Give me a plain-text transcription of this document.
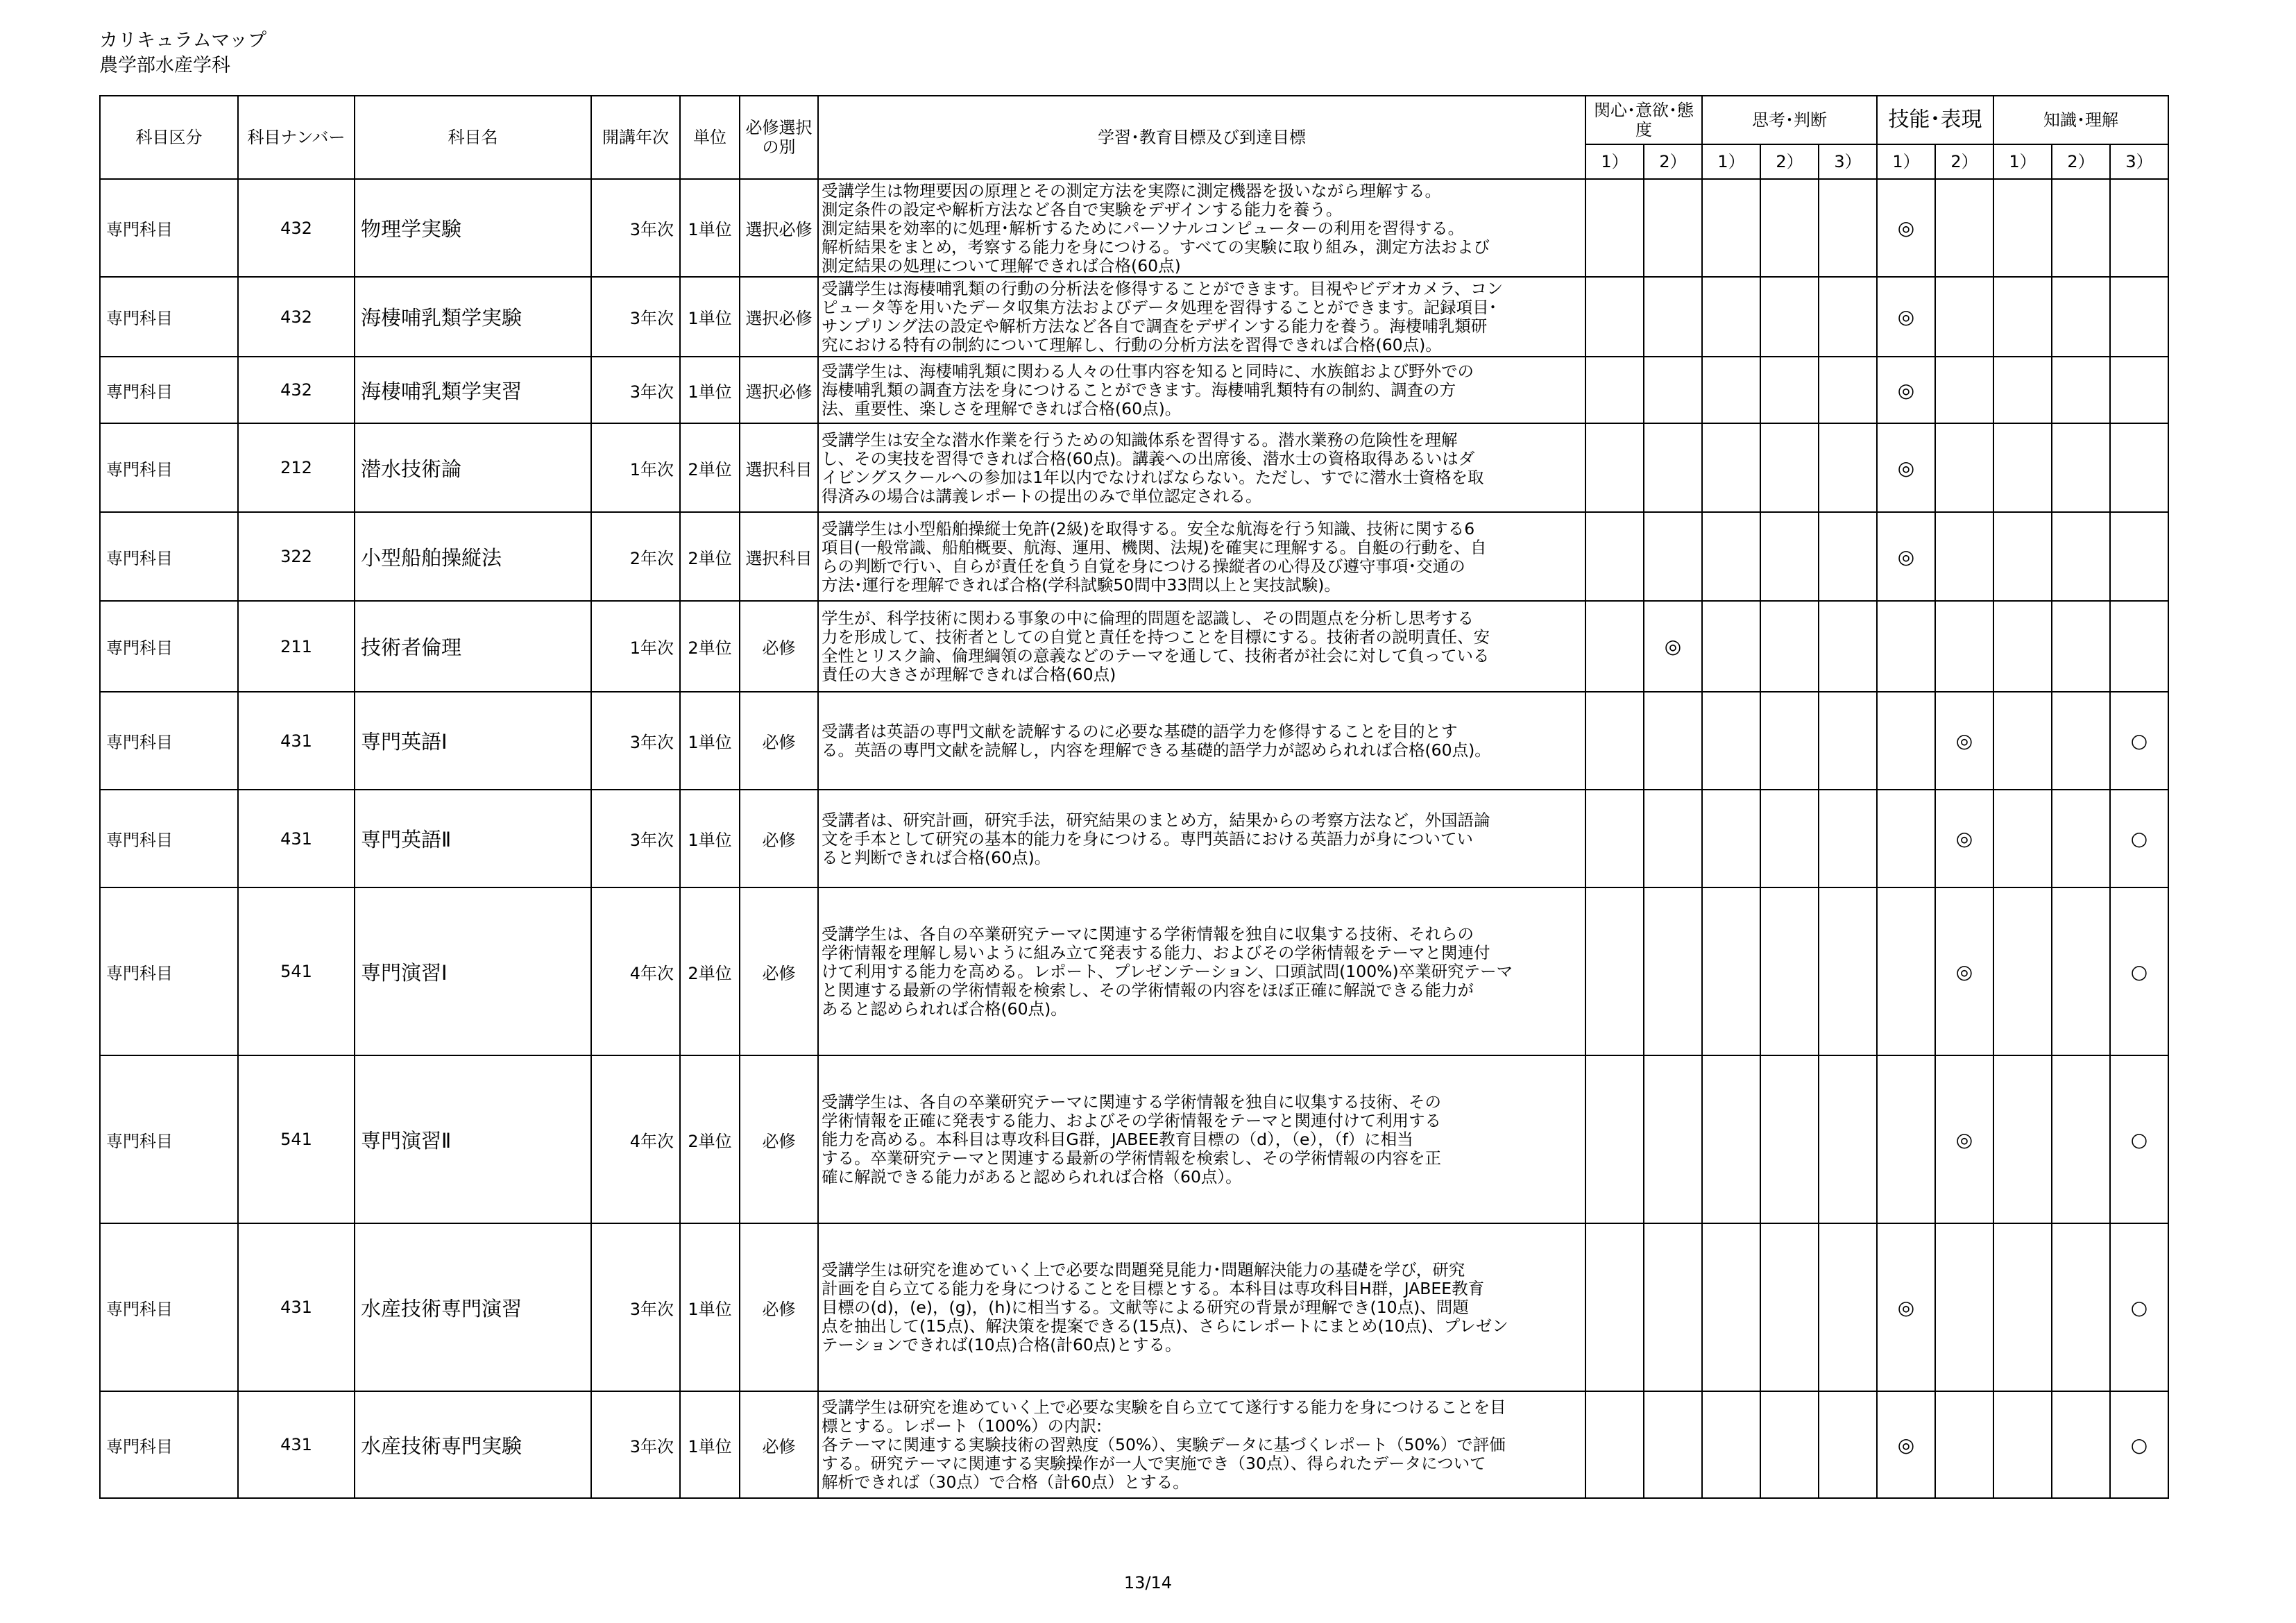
カリキュラムマップ
農学部水産学科
科目区分	科目ナンバー	科目名	開講年次	単位	必修選択の別	学習･教育目標及び到達目標	関心･意欲･態度		思考･判断			技能･表現		知識･理解		
							1）	2）	1）	2）	3）	1）	2）	1）	2）	3）
専門科目	432	物理学実験	3年次	1単位	選択必修	受講学生は物理要因の原理とその測定方法を実際に測定機器を扱いながら理解する。
測定条件の設定や解析方法など各自で実験をデザインする能力を養う。
測定結果を効率的に処理･解析するためにパーソナルコンピューターの利用を習得する。
解析結果をまとめ，考察する能力を身につける。すべての実験に取り組み，測定方法および
測定結果の処理について理解できれば合格(60点)						◎				
専門科目	432	海棲哺乳類学実験	3年次	1単位	選択必修	受講学生は海棲哺乳類の行動の分析法を修得することができます。目視やビデオカメラ、コン
ピュータ等を用いたデータ収集方法およびデータ処理を習得することができます。記録項目･
サンプリング法の設定や解析方法など各自で調査をデザインする能力を養う。海棲哺乳類研
究における特有の制約について理解し、行動の分析方法を習得できれば合格(60点)。						◎				
専門科目	432	海棲哺乳類学実習	3年次	1単位	選択必修	受講学生は、海棲哺乳類に関わる人々の仕事内容を知ると同時に、水族館および野外での
海棲哺乳類の調査方法を身につけることができます。海棲哺乳類特有の制約、調査の方
法、重要性、楽しさを理解できれば合格(60点)。						◎				
専門科目	212	潜水技術論	1年次	2単位	選択科目	受講学生は安全な潜水作業を行うための知識体系を習得する。潜水業務の危険性を理解
し、その実技を習得できれば合格(60点)。講義への出席後、潜水士の資格取得あるいはダ
イビングスクールへの参加は1年以内でなければならない。ただし、すでに潜水士資格を取
得済みの場合は講義レポートの提出のみで単位認定される。						◎				
専門科目	322	小型船舶操縦法	2年次	2単位	選択科目	受講学生は小型船舶操縦士免許(2級)を取得する。安全な航海を行う知識、技術に関する6
項目(一般常識、船舶概要、航海、運用、機関、法規)を確実に理解する。自艇の行動を、自
らの判断で行い、自らが責任を負う自覚を身につける操縦者の心得及び遵守事項･交通の
方法･運行を理解できれば合格(学科試験50問中33問以上と実技試験)。						◎				
専門科目	211	技術者倫理	1年次	2単位	必修	学生が、科学技術に関わる事象の中に倫理的問題を認識し、その問題点を分析し思考する
力を形成して、技術者としての自覚と責任を持つことを目標にする。技術者の説明責任、安
全性とリスク論、倫理綱領の意義などのテーマを通して、技術者が社会に対して負っている
責任の大きさが理解できれば合格(60点)		◎								
専門科目	431	専門英語Ⅰ	3年次	1単位	必修	受講者は英語の専門文献を読解するのに必要な基礎的語学力を修得することを目的とす
る。英語の専門文献を読解し，内容を理解できる基礎的語学力が認められれば合格(60点)。							◎			○
専門科目	431	専門英語Ⅱ	3年次	1単位	必修	受講者は、研究計画，研究手法，研究結果のまとめ方，結果からの考察方法など，外国語論
文を手本として研究の基本的能力を身につける。専門英語における英語力が身についてい
ると判断できれば合格(60点)。							◎			○
専門科目	541	専門演習Ⅰ	4年次	2単位	必修	受講学生は、各自の卒業研究テーマに関連する学術情報を独自に収集する技術、それらの
学術情報を理解し易いように組み立て発表する能力、およびその学術情報をテーマと関連付
けて利用する能力を高める。レポート、プレゼンテーション、口頭試問(100%)卒業研究テーマ
と関連する最新の学術情報を検索し、その学術情報の内容をほぼ正確に解説できる能力が
あると認められれば合格(60点)。							◎			○
専門科目	541	専門演習Ⅱ	4年次	2単位	必修	受講学生は、各自の卒業研究テーマに関連する学術情報を独自に収集する技術、その
学術情報を正確に発表する能力、およびその学術情報をテーマと関連付けて利用する
能力を高める。本科目は専攻科目G群，JABEE教育目標の（d），（e），（f）に相当
する。卒業研究テーマと関連する最新の学術情報を検索し、その学術情報の内容を正
確に解説できる能力があると認められれば合格（60点）。							◎			○
専門科目	431	水産技術専門演習	3年次	1単位	必修	受講学生は研究を進めていく上で必要な問題発見能力･問題解決能力の基礎を学び，研究
計画を自ら立てる能力を身につけることを目標とする。本科目は専攻科目H群，JABEE教育
目標の(d)，(e)，(g)，(h)に相当する。文献等による研究の背景が理解でき(10点)、問題
点を抽出して(15点)、解決策を提案できる(15点)、さらにレポートにまとめ(10点)、プレゼン
テーションできれば(10点)合格(計60点)とする。						◎				○
専門科目	431	水産技術専門実験	3年次	1単位	必修	受講学生は研究を進めていく上で必要な実験を自ら立てて遂行する能力を身につけることを目
標とする。レポート（100%）の内訳:
各テーマに関連する実験技術の習熟度（50%）、実験データに基づくレポート（50%）で評価
する。研究テーマに関連する実験操作が一人で実施でき（30点）、得られたデータについて
解析できれば（30点）で合格（計60点）とする。						◎				○
13/14
